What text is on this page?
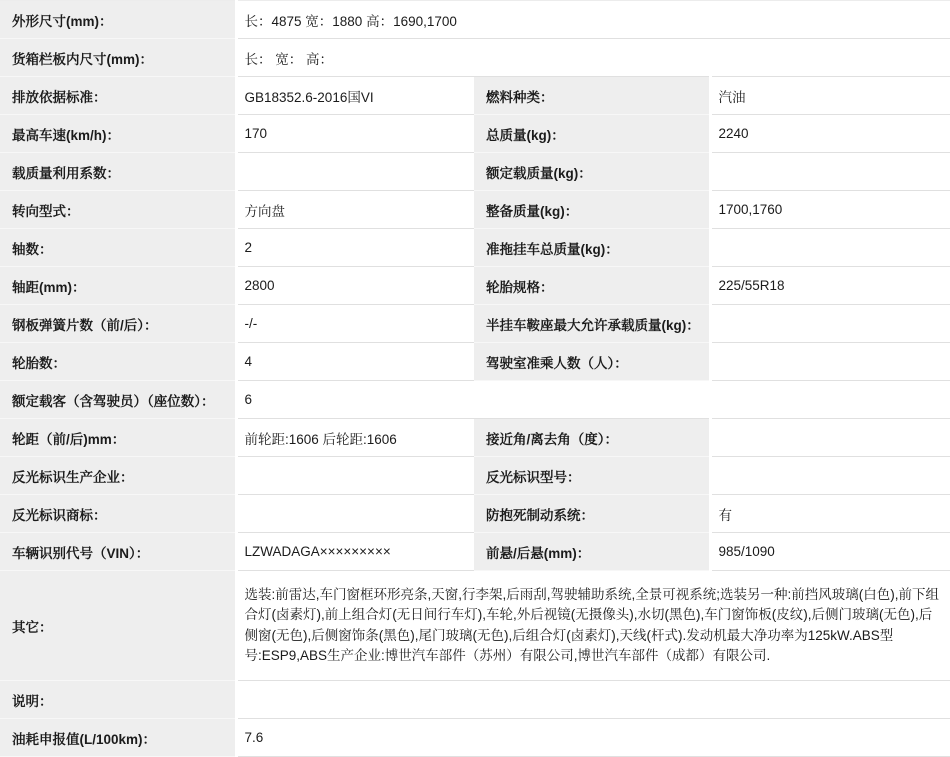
外形尺寸(mm)：	长：4875 宽：1880 高：1690,1700		
货箱栏板内尺寸(mm)：	长： 宽： 高：		
排放依据标准：	GB18352.6-2016国VI	燃料种类：	汽油
最高车速(km/h)：	170	总质量(kg)：	2240
载质量利用系数：		额定载质量(kg)：	
转向型式：	方向盘	整备质量(kg)：	1700,1760
轴数：	2	准拖挂车总质量(kg)：	
轴距(mm)：	2800	轮胎规格：	225/55R18
钢板弹簧片数（前/后）：	-/-	半挂车鞍座最大允许承载质量(kg)：	
轮胎数：	4	驾驶室准乘人数（人）：	
额定载客（含驾驶员）（座位数）：	6		
轮距（前/后)mm：	前轮距:1606 后轮距:1606	接近角/离去角（度）：	
反光标识生产企业：		反光标识型号：	
反光标识商标：		防抱死制动系统：	有
车辆识别代号（VIN）：	LZWADAGA×××××××××	前悬/后悬(mm)：	985/1090
其它：	选装:前雷达,车门窗框环形亮条,天窗,行李架,后雨刮,驾驶辅助系统,全景可视系统;选装另一种:前挡风玻璃(白色),前下组合灯(卤素灯),前上组合灯(无日间行车灯),车轮,外后视镜(无摄像头),水切(黑色),车门窗饰板(皮纹),后侧门玻璃(无色),后侧窗(无色),后侧窗饰条(黑色),尾门玻璃(无色),后组合灯(卤素灯),天线(杆式).发动机最大净功率为125kW.ABS型号:ESP9,ABS生产企业:博世汽车部件（苏州）有限公司,博世汽车部件（成都）有限公司.		
说明：			
油耗申报值(L/100km)：	7.6		
